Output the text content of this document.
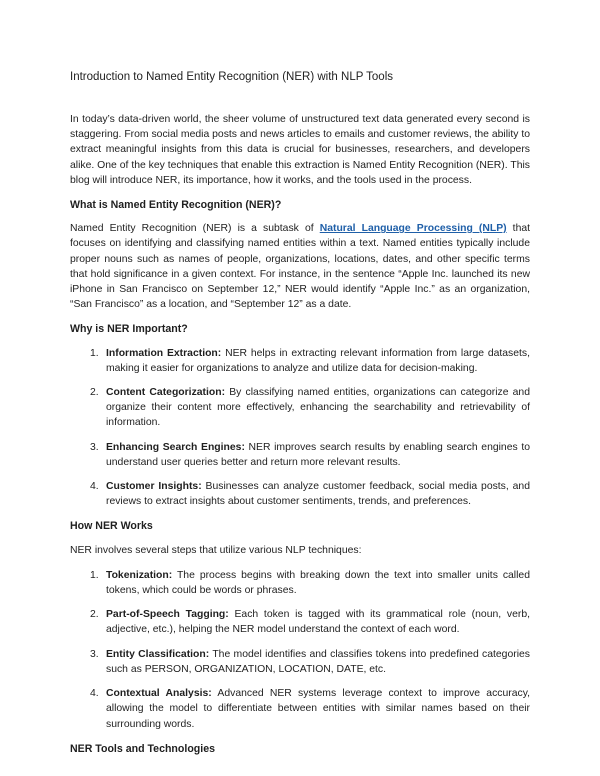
Introduction to Named Entity Recognition (NER) with NLP Tools

In today’s data-driven world, the sheer volume of unstructured text data generated every second is staggering. From social media posts and news articles to emails and customer reviews, the ability to extract meaningful insights from this data is crucial for businesses, researchers, and developers alike. One of the key techniques that enable this extraction is Named Entity Recognition (NER). This blog will introduce NER, its importance, how it works, and the tools used in the process.

What is Named Entity Recognition (NER)?

Named Entity Recognition (NER) is a subtask of Natural Language Processing (NLP) that focuses on identifying and classifying named entities within a text. Named entities typically include proper nouns such as names of people, organizations, locations, dates, and other specific terms that hold significance in a given context. For instance, in the sentence “Apple Inc. launched its new iPhone in San Francisco on September 12,” NER would identify “Apple Inc.” as an organization, “San Francisco” as a location, and “September 12” as a date.

Why is NER Important?
1. Information Extraction: NER helps in extracting relevant information from large datasets, making it easier for organizations to analyze and utilize data for decision-making.
2. Content Categorization: By classifying named entities, organizations can categorize and organize their content more effectively, enhancing the searchability and retrievability of information.
3. Enhancing Search Engines: NER improves search results by enabling search engines to understand user queries better and return more relevant results.
4. Customer Insights: Businesses can analyze customer feedback, social media posts, and reviews to extract insights about customer sentiments, trends, and preferences.
How NER Works

NER involves several steps that utilize various NLP techniques:

1. Tokenization: The process begins with breaking down the text into smaller units called tokens, which could be words or phrases.
2. Part-of-Speech Tagging: Each token is tagged with its grammatical role (noun, verb, adjective, etc.), helping the NER model understand the context of each word.
3. Entity Classification: The model identifies and classifies tokens into predefined categories such as PERSON, ORGANIZATION, LOCATION, DATE, etc.
4. Contextual Analysis: Advanced NER systems leverage context to improve accuracy, allowing the model to differentiate between entities with similar names based on their surrounding words.
NER Tools and Technologies
